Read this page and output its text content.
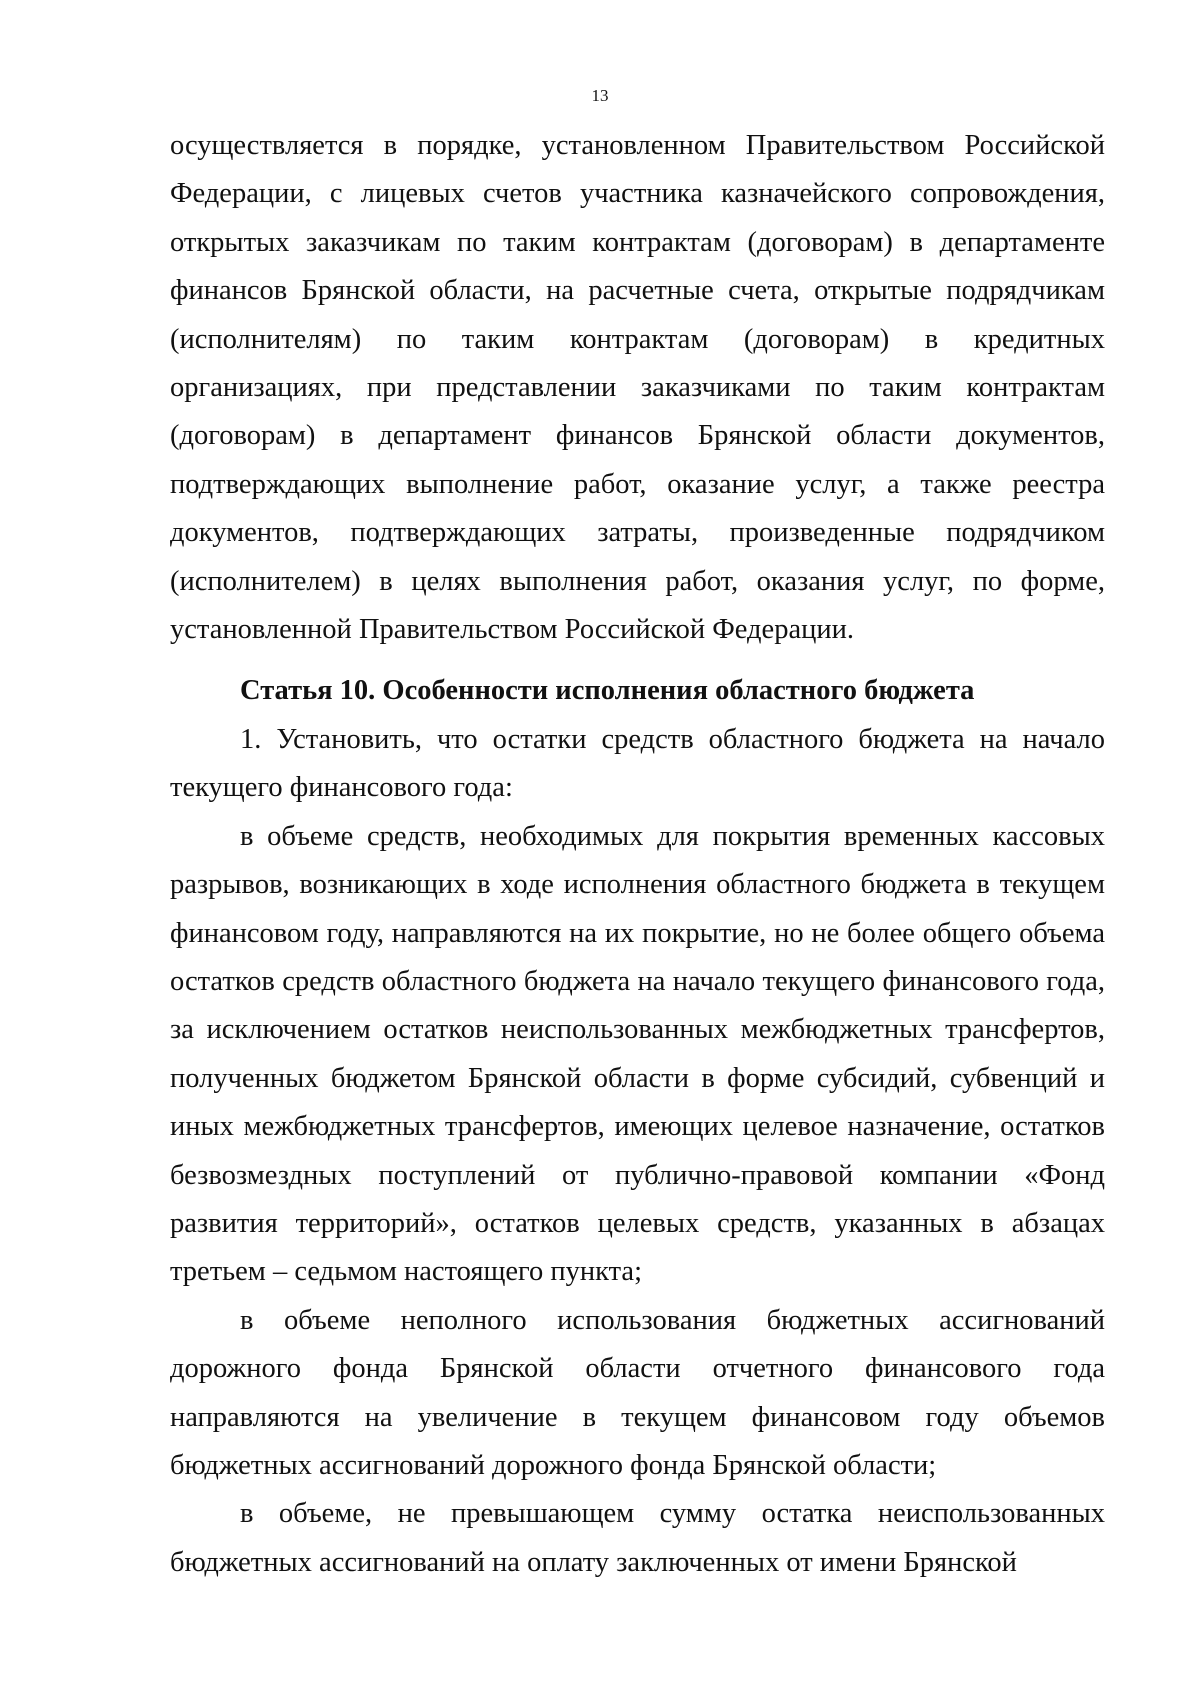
13

осуществляется в порядке, установленном Правительством Российской Федерации, с лицевых счетов участника казначейского сопровождения, открытых заказчикам по таким контрактам (договорам) в департаменте финансов Брянской области, на расчетные счета, открытые подрядчикам (исполнителям) по таким контрактам (договорам) в кредитных организациях, при представлении заказчиками по таким контрактам (договорам) в департамент финансов Брянской области документов, подтверждающих выполнение работ, оказание услуг, а также реестра документов, подтверждающих затраты, произведенные подрядчиком (исполнителем) в целях выполнения работ, оказания услуг, по форме, установленной Правительством Российской Федерации.

Статья 10. Особенности исполнения областного бюджета

1. Установить, что остатки средств областного бюджета на начало текущего финансового года:

в объеме средств, необходимых для покрытия временных кассовых разрывов, возникающих в ходе исполнения областного бюджета в текущем финансовом году, направляются на их покрытие, но не более общего объема остатков средств областного бюджета на начало текущего финансового года, за исключением остатков неиспользованных межбюджетных трансфертов, полученных бюджетом Брянской области в форме субсидий, субвенций и иных межбюджетных трансфертов, имеющих целевое назначение, остатков безвозмездных поступлений от публично-правовой компании «Фонд развития территорий», остатков целевых средств, указанных в абзацах третьем – седьмом настоящего пункта;

в объеме неполного использования бюджетных ассигнований дорожного фонда Брянской области отчетного финансового года направляются на увеличение в текущем финансовом году объемов бюджетных ассигнований дорожного фонда Брянской области;

в объеме, не превышающем сумму остатка неиспользованных бюджетных ассигнований на оплату заключенных от имени Брянской
